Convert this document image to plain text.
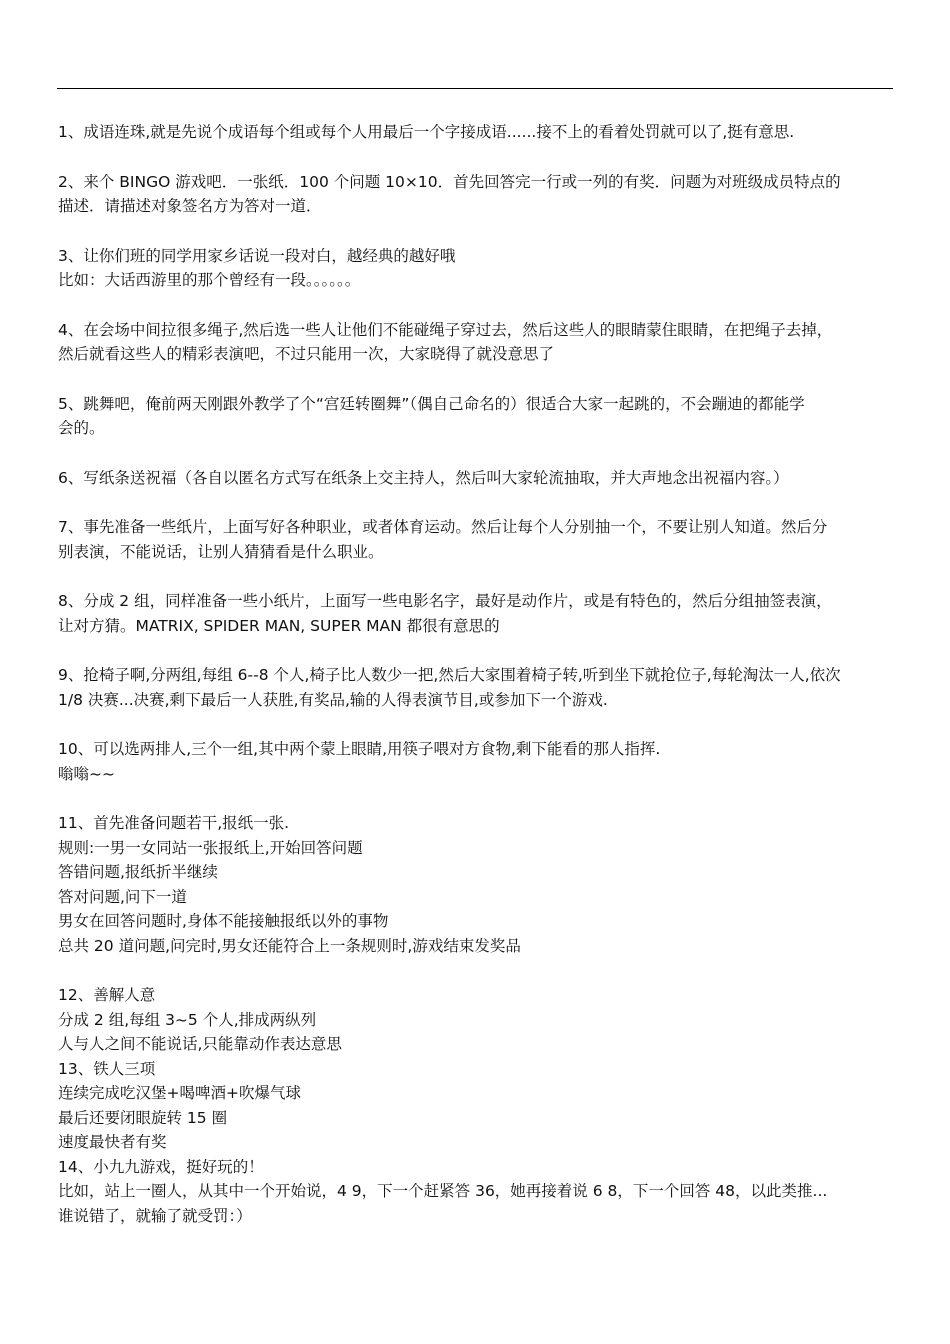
1、成语连珠,就是先说个成语每个组或每个人用最后一个字接成语......接不上的看着处罚就可以了,挺有意思.
2、来个 BINGO 游戏吧．一张纸．100 个问题 10×10．首先回答完一行或一列的有奖．问题为对班级成员特点的
描述．请描述对象签名方为答对一道．
3、让你们班的同学用家乡话说一段对白，越经典的越好哦
比如：大话西游里的那个曾经有一段。。。。。。
4、在会场中间拉很多绳子,然后选一些人让他们不能碰绳子穿过去，然后这些人的眼睛蒙住眼睛，在把绳子去掉，
然后就看这些人的精彩表演吧，不过只能用一次，大家晓得了就没意思了
5、跳舞吧，俺前两天刚跟外教学了个“宫廷转圈舞”（偶自己命名的）很适合大家一起跳的，不会蹦迪的都能学
会的。
6、写纸条送祝福（各自以匿名方式写在纸条上交主持人，然后叫大家轮流抽取，并大声地念出祝福内容。）
7、事先准备一些纸片，上面写好各种职业，或者体育运动。然后让每个人分别抽一个，不要让别人知道。然后分
别表演，不能说话，让别人猜猜看是什么职业。
8、分成 2 组，同样准备一些小纸片，上面写一些电影名字，最好是动作片，或是有特色的，然后分组抽签表演，
让对方猜。MATRIX, SPIDER MAN, SUPER MAN 都很有意思的
9、抢椅子啊,分两组,每组 6--8 个人,椅子比人数少一把,然后大家围着椅子转,听到坐下就抢位子,每轮淘汰一人,依次
1/8 决赛...决赛,剩下最后一人获胜,有奖品,输的人得表演节目,或参加下一个游戏.
10、可以选两排人,三个一组,其中两个蒙上眼睛,用筷子喂对方食物,剩下能看的那人指挥.
嗡嗡~~
11、首先准备问题若干,报纸一张.
规则:一男一女同站一张报纸上,开始回答问题
答错问题,报纸折半继续
答对问题,问下一道
男女在回答问题时,身体不能接触报纸以外的事物
总共 20 道问题,问完时,男女还能符合上一条规则时,游戏结束发奖品
12、善解人意
分成 2 组,每组 3~5 个人,排成两纵列
人与人之间不能说话,只能靠动作表达意思
13、铁人三项
连续完成吃汉堡+喝啤酒+吹爆气球
最后还要闭眼旋转 15 圈
速度最快者有奖
14、小九九游戏，挺好玩的！
比如，站上一圈人，从其中一个开始说，4 9，下一个赶紧答 36，她再接着说 6 8，下一个回答 48，以此类推...
谁说错了，就输了就受罚：）
